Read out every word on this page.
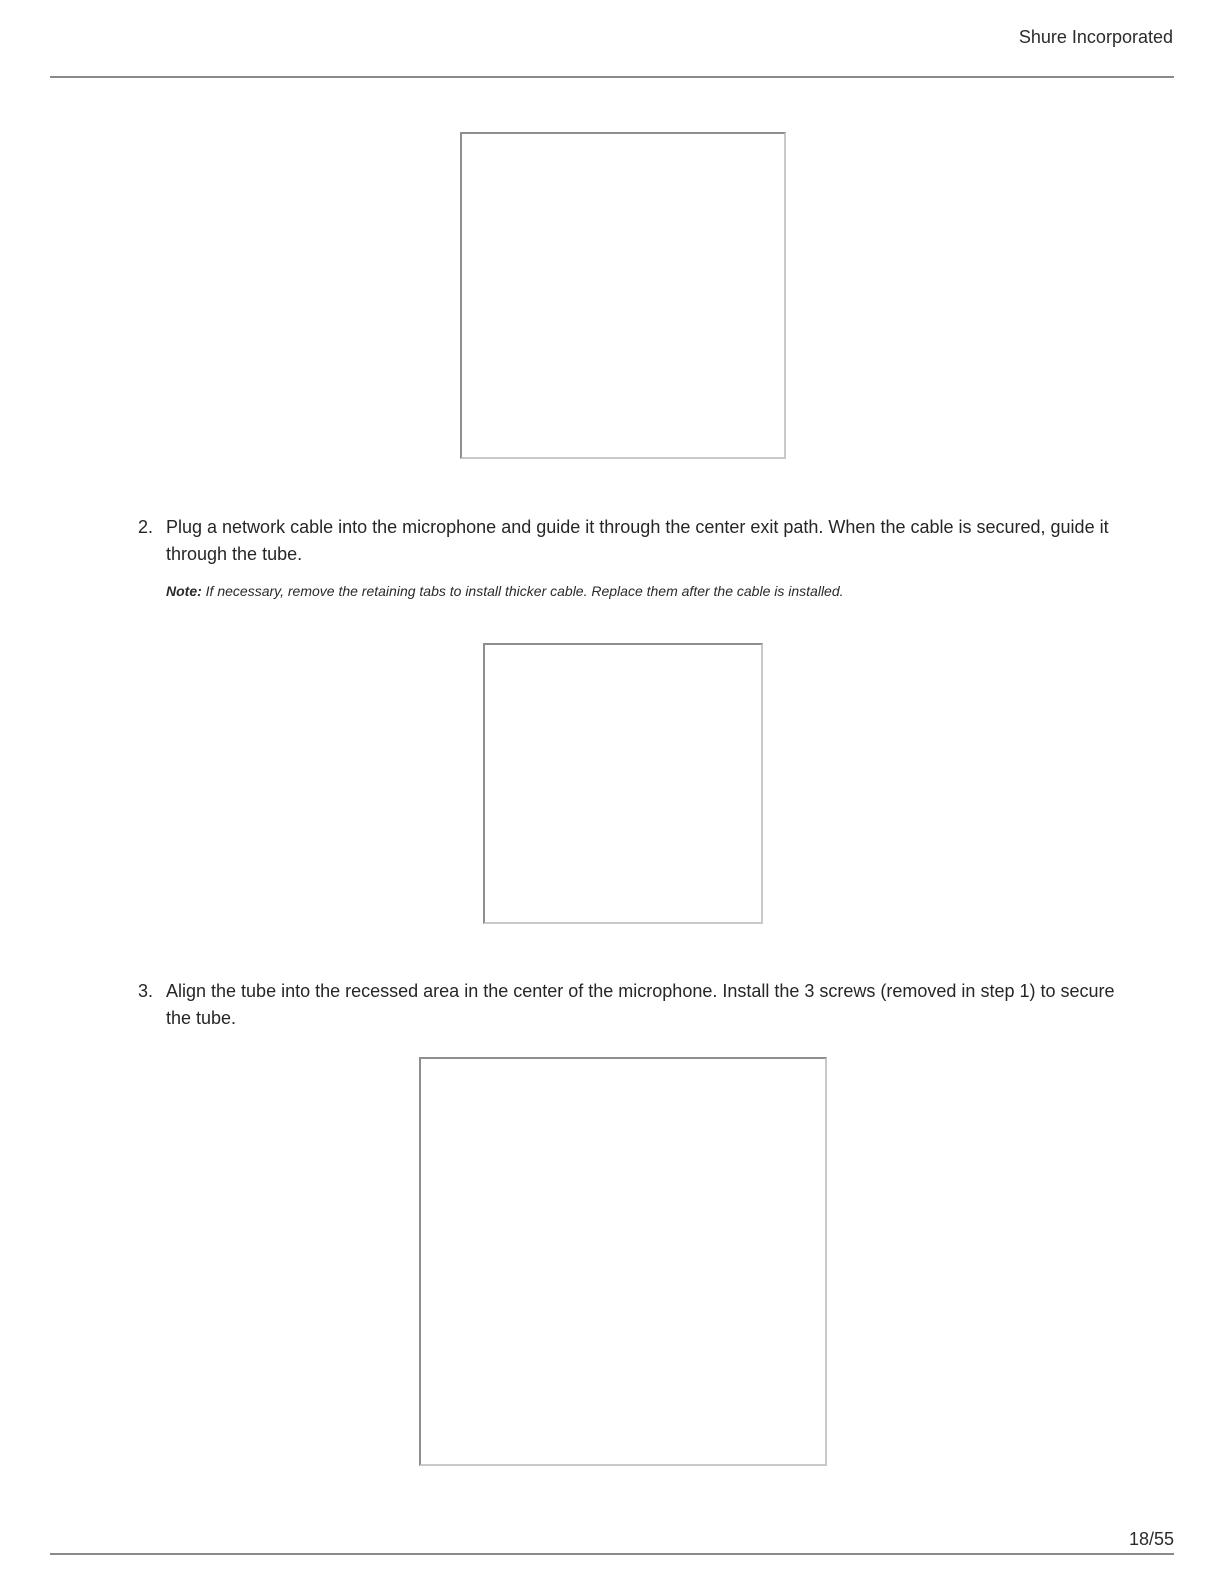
Shure Incorporated
2. Plug a network cable into the microphone and guide it through the center exit path. When the cable is secured, guide it through the tube.
Note: If necessary, remove the retaining tabs to install thicker cable. Replace them after the cable is installed.
3. Align the tube into the recessed area in the center of the microphone. Install the 3 screws (removed in step 1) to secure the tube.
18/55
